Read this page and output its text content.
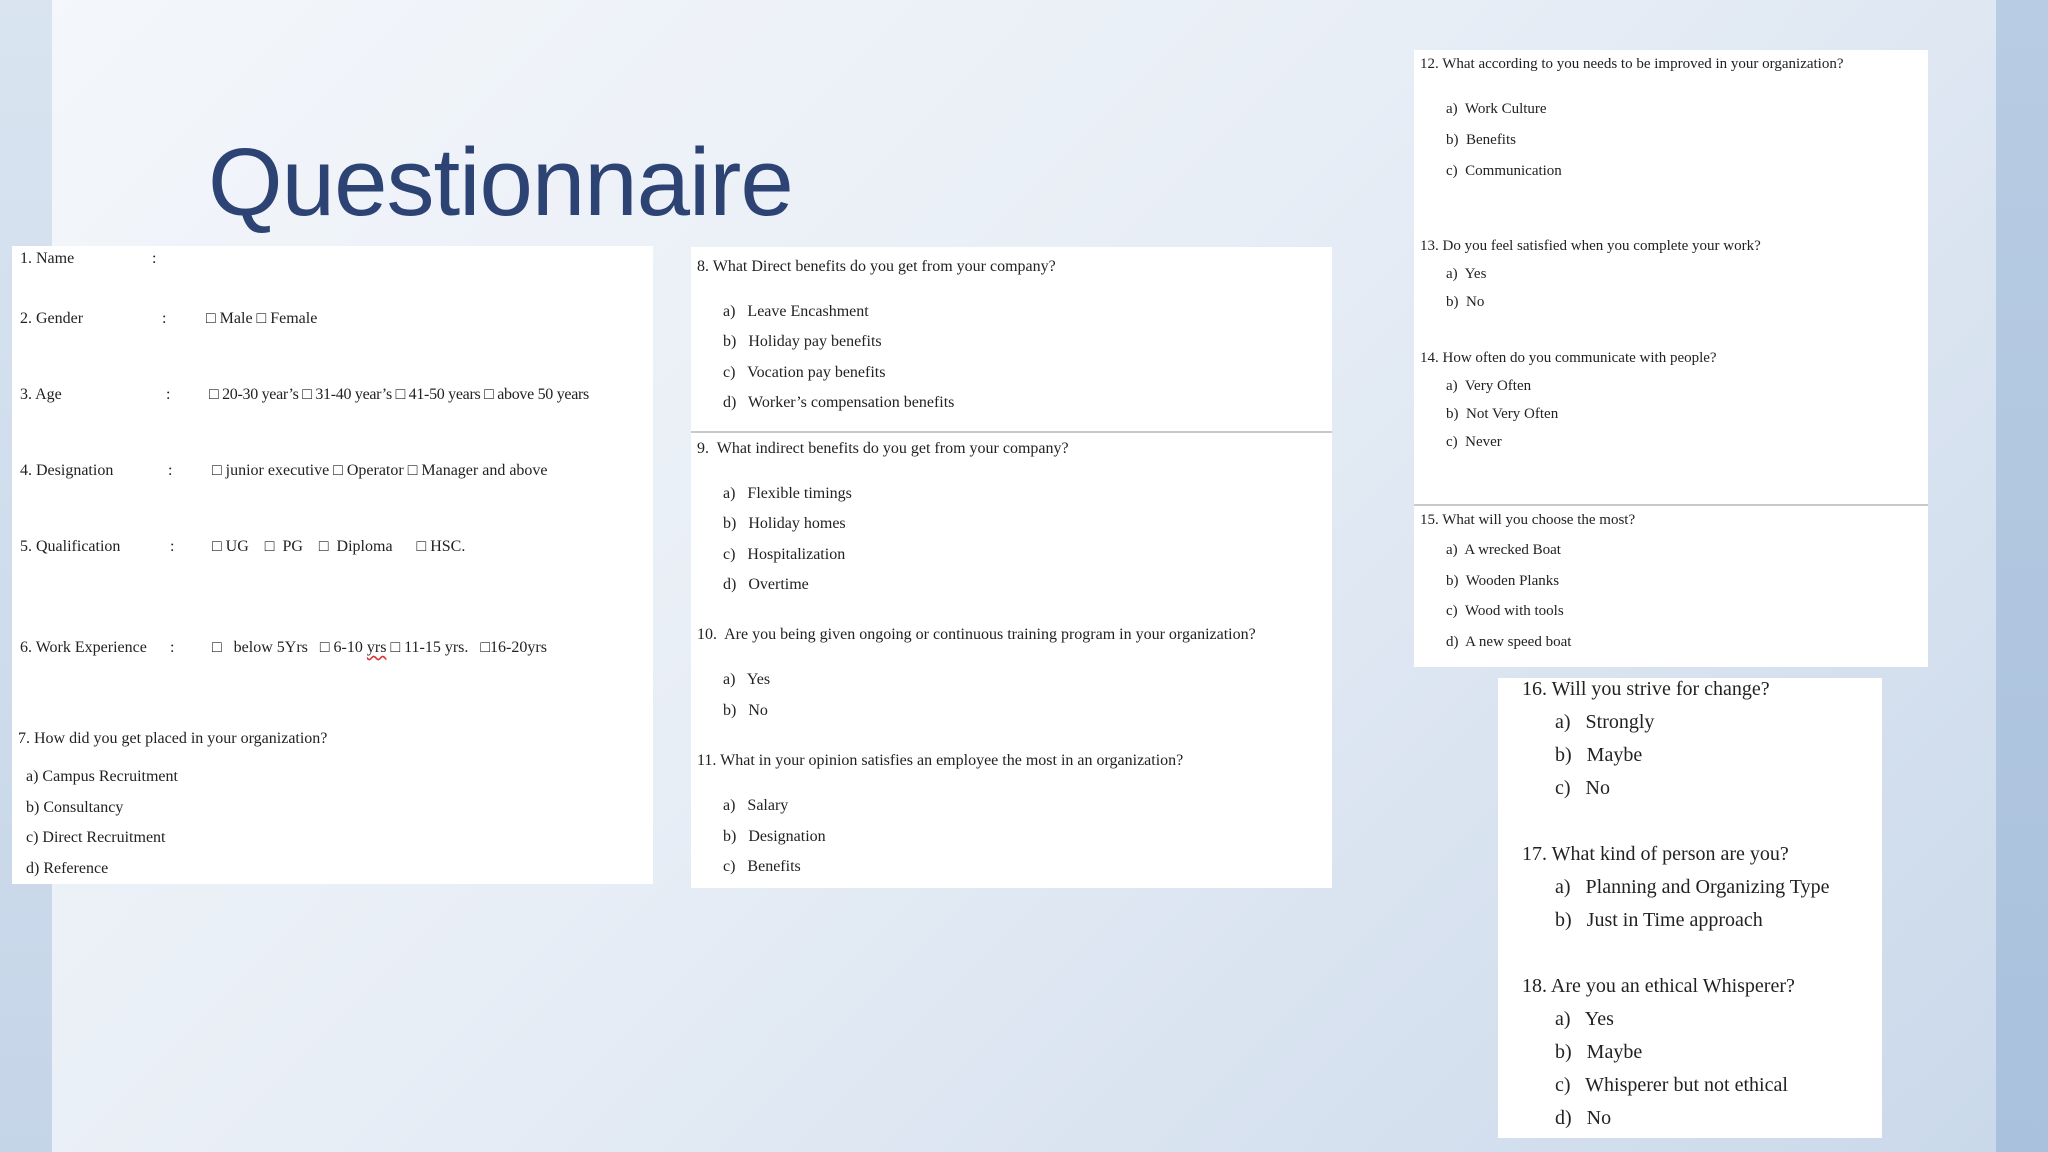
Questionnaire
1. Name	:
2. Gender	: □ Male □ Female
3. Age	: □ 20-30 year’s □ 31-40 year’s □ 41-50 years □ above 50 years
4. Designation	: □ junior executive □ Operator □ Manager and above
5. Qualification	: □ UG    □  PG    □  Diploma      □ HSC.
6. Work Experience : □   below 5Yrs   □ 6-10 yrs □ 11-15 yrs.   □16-20yrs
7. How did you get placed in your organization?
a) Campus Recruitment
b) Consultancy
c) Direct Recruitment
d) Reference
8. What Direct benefits do you get from your company?
a)   Leave Encashment
b)   Holiday pay benefits
c)   Vocation pay benefits
d)   Worker’s compensation benefits
9.  What indirect benefits do you get from your company?
a)   Flexible timings
b)   Holiday homes
c)   Hospitalization
d)   Overtime
10.  Are you being given ongoing or continuous training program in your organization?
a)   Yes
b)   No
11. What in your opinion satisfies an employee the most in an organization?
a)   Salary
b)   Designation
c)   Benefits
12. What according to you needs to be improved in your organization?
a)  Work Culture
b)  Benefits
c)  Communication
13. Do you feel satisfied when you complete your work?
a)  Yes
b)  No
14. How often do you communicate with people?
a)  Very Often
b)  Not Very Often
c)  Never
15. What will you choose the most?
a)  A wrecked Boat
b)  Wooden Planks
c)  Wood with tools
d)  A new speed boat
16. Will you strive for change?
a)   Strongly
b)   Maybe
c)   No
17. What kind of person are you?
a)   Planning and Organizing Type
b)   Just in Time approach
18. Are you an ethical Whisperer?
a)   Yes
b)   Maybe
c)   Whisperer but not ethical
d)   No
